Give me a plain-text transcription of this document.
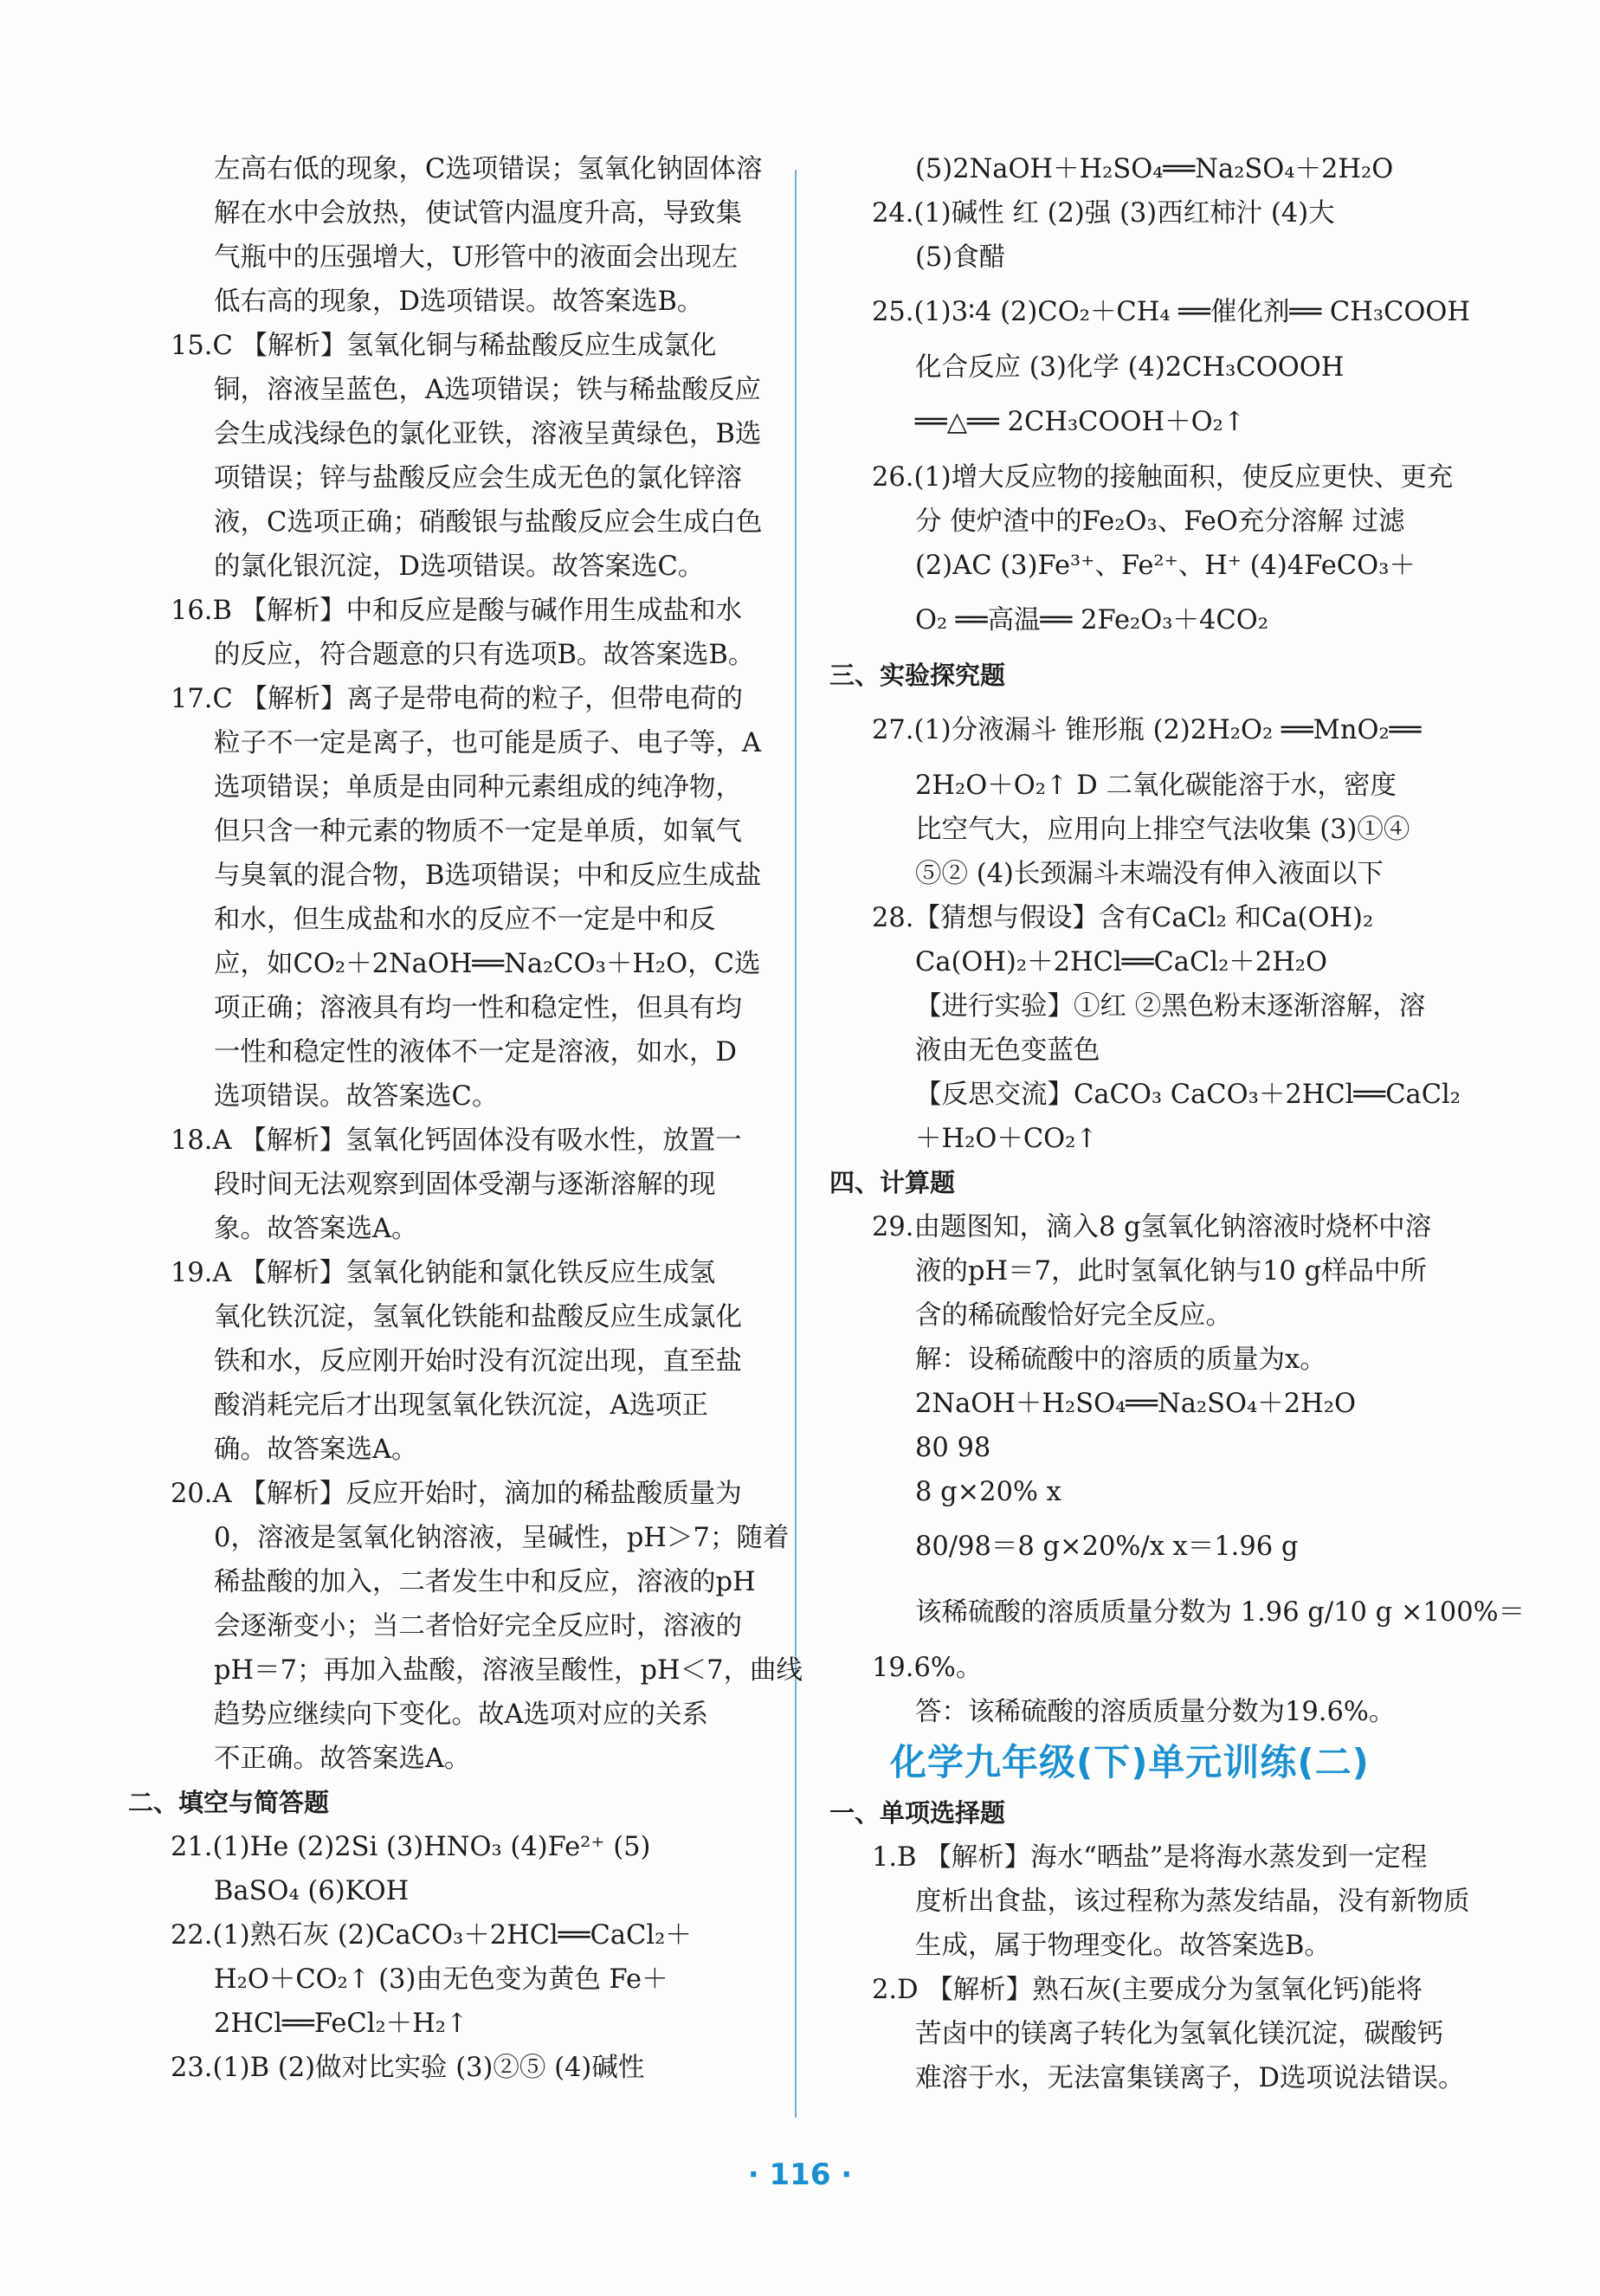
左高右低的现象，C选项错误；氢氧化钠固体溶
解在水中会放热，使试管内温度升高，导致集
气瓶中的压强增大，U形管中的液面会出现左
低右高的现象，D选项错误。故答案选B。
15.C 【解析】氢氧化铜与稀盐酸反应生成氯化
铜，溶液呈蓝色，A选项错误；铁与稀盐酸反应
会生成浅绿色的氯化亚铁，溶液呈黄绿色，B选
项错误；锌与盐酸反应会生成无色的氯化锌溶
液，C选项正确；硝酸银与盐酸反应会生成白色
的氯化银沉淀，D选项错误。故答案选C。
16.B 【解析】中和反应是酸与碱作用生成盐和水
的反应，符合题意的只有选项B。故答案选B。
17.C 【解析】离子是带电荷的粒子，但带电荷的
粒子不一定是离子，也可能是质子、电子等，A
选项错误；单质是由同种元素组成的纯净物，
但只含一种元素的物质不一定是单质，如氧气
与臭氧的混合物，B选项错误；中和反应生成盐
和水，但生成盐和水的反应不一定是中和反
应，如CO₂＋2NaOH══Na₂CO₃＋H₂O，C选
项正确；溶液具有均一性和稳定性，但具有均
一性和稳定性的液体不一定是溶液，如水，D
选项错误。故答案选C。
18.A 【解析】氢氧化钙固体没有吸水性，放置一
段时间无法观察到固体受潮与逐渐溶解的现
象。故答案选A。
19.A 【解析】氢氧化钠能和氯化铁反应生成氢
氧化铁沉淀，氢氧化铁能和盐酸反应生成氯化
铁和水，反应刚开始时没有沉淀出现，直至盐
酸消耗完后才出现氢氧化铁沉淀，A选项正
确。故答案选A。
20.A 【解析】反应开始时，滴加的稀盐酸质量为
0，溶液是氢氧化钠溶液，呈碱性，pH＞7；随着
稀盐酸的加入，二者发生中和反应，溶液的pH
会逐渐变小；当二者恰好完全反应时，溶液的
pH＝7；再加入盐酸，溶液呈酸性，pH＜7，曲线
趋势应继续向下变化。故A选项对应的关系
不正确。故答案选A。
二、填空与简答题
21.(1)He (2)2Si (3)HNO₃ (4)Fe²⁺ (5)
BaSO₄ (6)KOH
22.(1)熟石灰 (2)CaCO₃＋2HCl══CaCl₂＋
H₂O＋CO₂↑ (3)由无色变为黄色 Fe＋
2HCl══FeCl₂＋H₂↑
23.(1)B (2)做对比实验 (3)②⑤ (4)碱性
(5)2NaOH＋H₂SO₄══Na₂SO₄＋2H₂O
24.(1)碱性 红 (2)强 (3)西红柿汁 (4)大
(5)食醋
25.(1)3∶4 (2)CO₂＋CH₄ ══催化剂══ CH₃COOH
化合反应 (3)化学 (4)2CH₃COOOH
══△══ 2CH₃COOH＋O₂↑
26.(1)增大反应物的接触面积，使反应更快、更充
分 使炉渣中的Fe₂O₃、FeO充分溶解 过滤
(2)AC (3)Fe³⁺、Fe²⁺、H⁺ (4)4FeCO₃＋
O₂ ══高温══ 2Fe₂O₃＋4CO₂
三、实验探究题
27.(1)分液漏斗 锥形瓶 (2)2H₂O₂ ══MnO₂══
2H₂O＋O₂↑ D 二氧化碳能溶于水，密度
比空气大，应用向上排空气法收集 (3)①④
⑤② (4)长颈漏斗末端没有伸入液面以下
28.【猜想与假设】含有CaCl₂ 和Ca(OH)₂
Ca(OH)₂＋2HCl══CaCl₂＋2H₂O
【进行实验】①红 ②黑色粉末逐渐溶解，溶
液由无色变蓝色
【反思交流】CaCO₃ CaCO₃＋2HCl══CaCl₂
＋H₂O＋CO₂↑
四、计算题
29.由题图知，滴入8 g氢氧化钠溶液时烧杯中溶
液的pH＝7，此时氢氧化钠与10 g样品中所
含的稀硫酸恰好完全反应。
解：设稀硫酸中的溶质的质量为x。
2NaOH＋H₂SO₄══Na₂SO₄＋2H₂O
80 98
8 g×20% x
80/98＝8 g×20%/x x＝1.96 g
该稀硫酸的溶质质量分数为 1.96 g/10 g ×100%＝
19.6%。
答：该稀硫酸的溶质质量分数为19.6%。
化学九年级(下)单元训练(二)
一、单项选择题
1.B 【解析】海水“晒盐”是将海水蒸发到一定程
度析出食盐，该过程称为蒸发结晶，没有新物质
生成，属于物理变化。故答案选B。
2.D 【解析】熟石灰(主要成分为氢氧化钙)能将
苦卤中的镁离子转化为氢氧化镁沉淀，碳酸钙
难溶于水，无法富集镁离子，D选项说法错误。
· 116 ·
